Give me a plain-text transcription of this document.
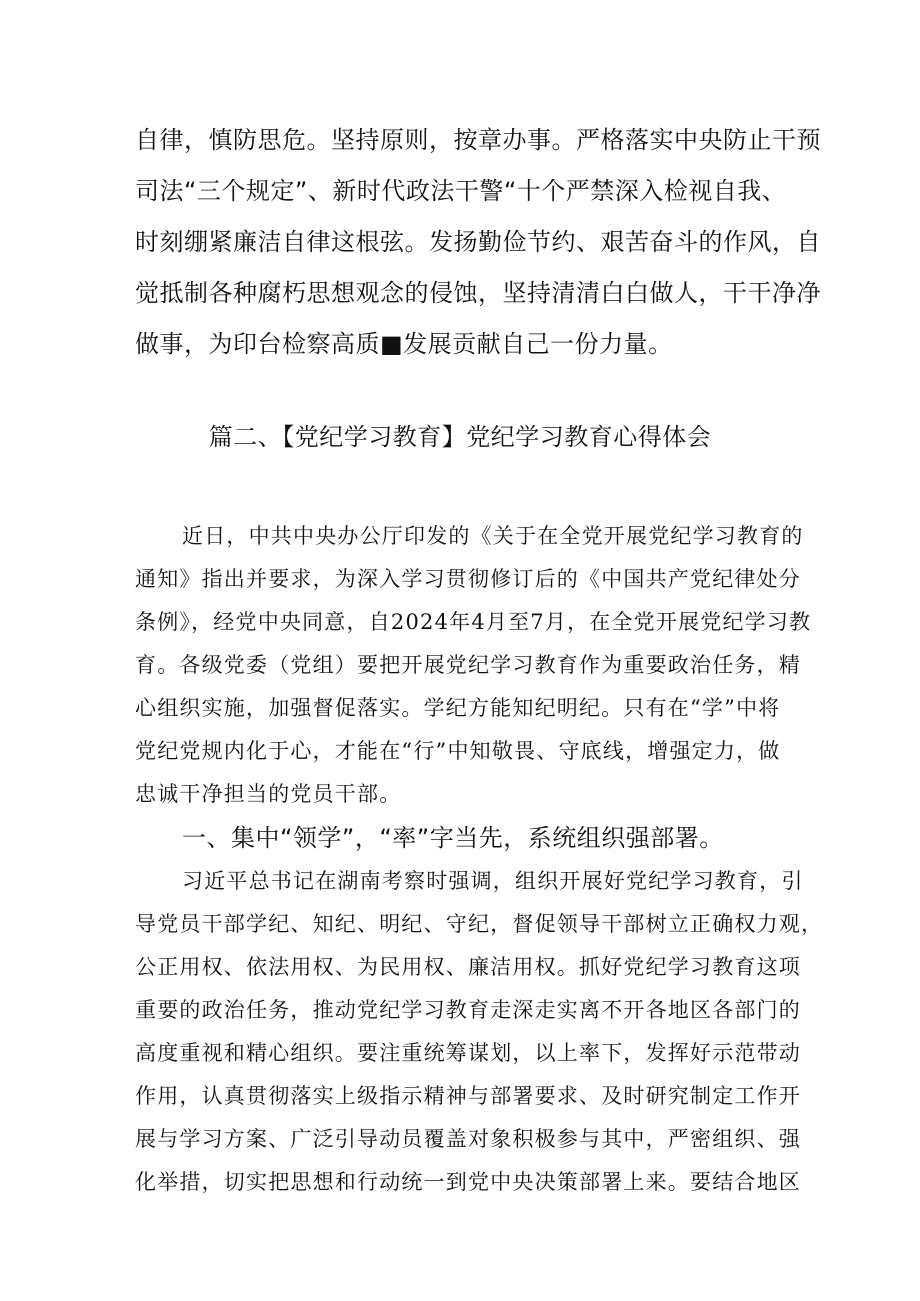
自律，慎防思危。坚持原则，按章办事。严格落实中央防止干预
司法“三个规定”、新时代政法干警“十个严禁深入检视自我、
时刻绷紧廉洁自律这根弦。发扬勤俭节约、艰苦奋斗的作风，自
觉抵制各种腐朽思想观念的侵蚀，坚持清清白白做人，干干净净
做事，为印台检察高质■发展贡献自己一份力量。
篇二、【党纪学习教育】党纪学习教育心得体会
近日，中共中央办公厅印发的《关于在全党开展党纪学习教育的
通知》指出并要求，为深入学习贯彻修订后的《中国共产党纪律处分
条例》，经党中央同意，自2024年4月至7月，在全党开展党纪学习教
育。各级党委（党组）要把开展党纪学习教育作为重要政治任务，精
心组织实施，加强督促落实。学纪方能知纪明纪。只有在“学”中将
党纪党规内化于心，才能在“行”中知敬畏、守底线，增强定力，做
忠诚干净担当的党员干部。
一、集中“领学”，“率”字当先，系统组织强部署。
习近平总书记在湖南考察时强调，组织开展好党纪学习教育，引
导党员干部学纪、知纪、明纪、守纪，督促领导干部树立正确权力观，
公正用权、依法用权、为民用权、廉洁用权。抓好党纪学习教育这项
重要的政治任务，推动党纪学习教育走深走实离不开各地区各部门的
高度重视和精心组织。要注重统筹谋划，以上率下，发挥好示范带动
作用，认真贯彻落实上级指示精神与部署要求、及时研究制定工作开
展与学习方案、广泛引导动员覆盖对象积极参与其中，严密组织、强
化举措，切实把思想和行动统一到党中央决策部署上来。要结合地区
